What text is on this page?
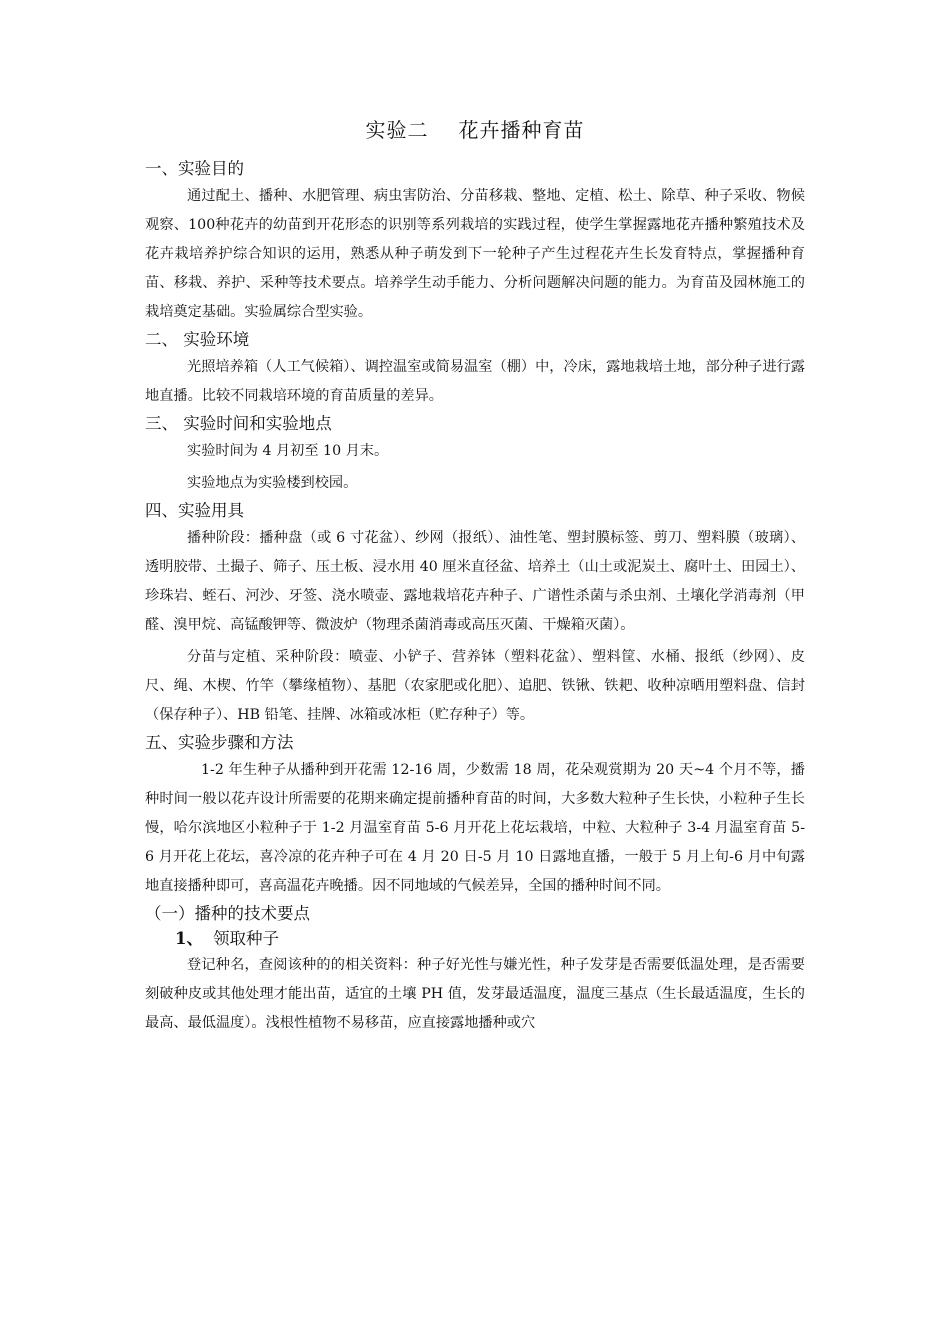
实验二 花卉播种育苗
一、实验目的

通过配土、播种、水肥管理、病虫害防治、分苗移栽、整地、定植、松土、除草、种子采收、物候观察、100种花卉的幼苗到开花形态的识别等系列栽培的实践过程，使学生掌握露地花卉播种繁殖技术及花卉栽培养护综合知识的运用，熟悉从种子萌发到下一轮种子产生过程花卉生长发育特点，掌握播种育苗、移栽、养护、采种等技术要点。培养学生动手能力、分析问题解决问题的能力。为育苗及园林施工的栽培奠定基础。实验属综合型实验。

二、 实验环境

光照培养箱（人工气候箱）、调控温室或简易温室（棚）中，冷床，露地栽培土地，部分种子进行露地直播。比较不同栽培环境的育苗质量的差异。

三、 实验时间和实验地点

实验时间为 4 月初至 10 月末。

实验地点为实验楼到校园。

四、实验用具

播种阶段：播种盘（或 6 寸花盆）、纱网（报纸）、油性笔、塑封膜标签、剪刀、塑料膜（玻璃）、透明胶带、土撮子、筛子、压土板、浸水用 40 厘米直径盆、培养土（山土或泥炭土、腐叶土、田园土）、珍珠岩、蛭石、河沙、牙签、浇水喷壶、露地栽培花卉种子、广谱性杀菌与杀虫剂、土壤化学消毒剂（甲醛、溴甲烷、高锰酸钾等、微波炉（物理杀菌消毒或高压灭菌、干燥箱灭菌）。

分苗与定植、采种阶段：喷壶、小铲子、营养钵（塑料花盆）、塑料筐、水桶、报纸（纱网）、皮尺、绳、木楔、竹竿（攀缘植物）、基肥（农家肥或化肥）、追肥、铁锹、铁耙、收种凉晒用塑料盘、信封（保存种子）、HB 铅笔、挂牌、冰箱或冰柜（贮存种子）等。

五、实验步骤和方法

1-2 年生种子从播种到开花需 12-16 周，少数需 18 周，花朵观赏期为 20 天~4 个月不等，播种时间一般以花卉设计所需要的花期来确定提前播种育苗的时间，大多数大粒种子生长快，小粒种子生长慢，哈尔滨地区小粒种子于 1-2 月温室育苗 5-6 月开花上花坛栽培，中粒、大粒种子 3-4 月温室育苗 5-6 月开花上花坛，喜冷凉的花卉种子可在 4 月 20 日-5 月 10 日露地直播，一般于 5 月上旬-6 月中旬露地直接播种即可，喜高温花卉晚播。因不同地域的气候差异，全国的播种时间不同。

（一）播种的技术要点
1、 领取种子

登记种名，查阅该种的的相关资料：种子好光性与嫌光性，种子发芽是否需要低温处理，是否需要刻破种皮或其他处理才能出苗，适宜的土壤 PH 值，发芽最适温度，温度三基点（生长最适温度，生长的最高、最低温度）。浅根性植物不易移苗，应直接露地播种或穴
